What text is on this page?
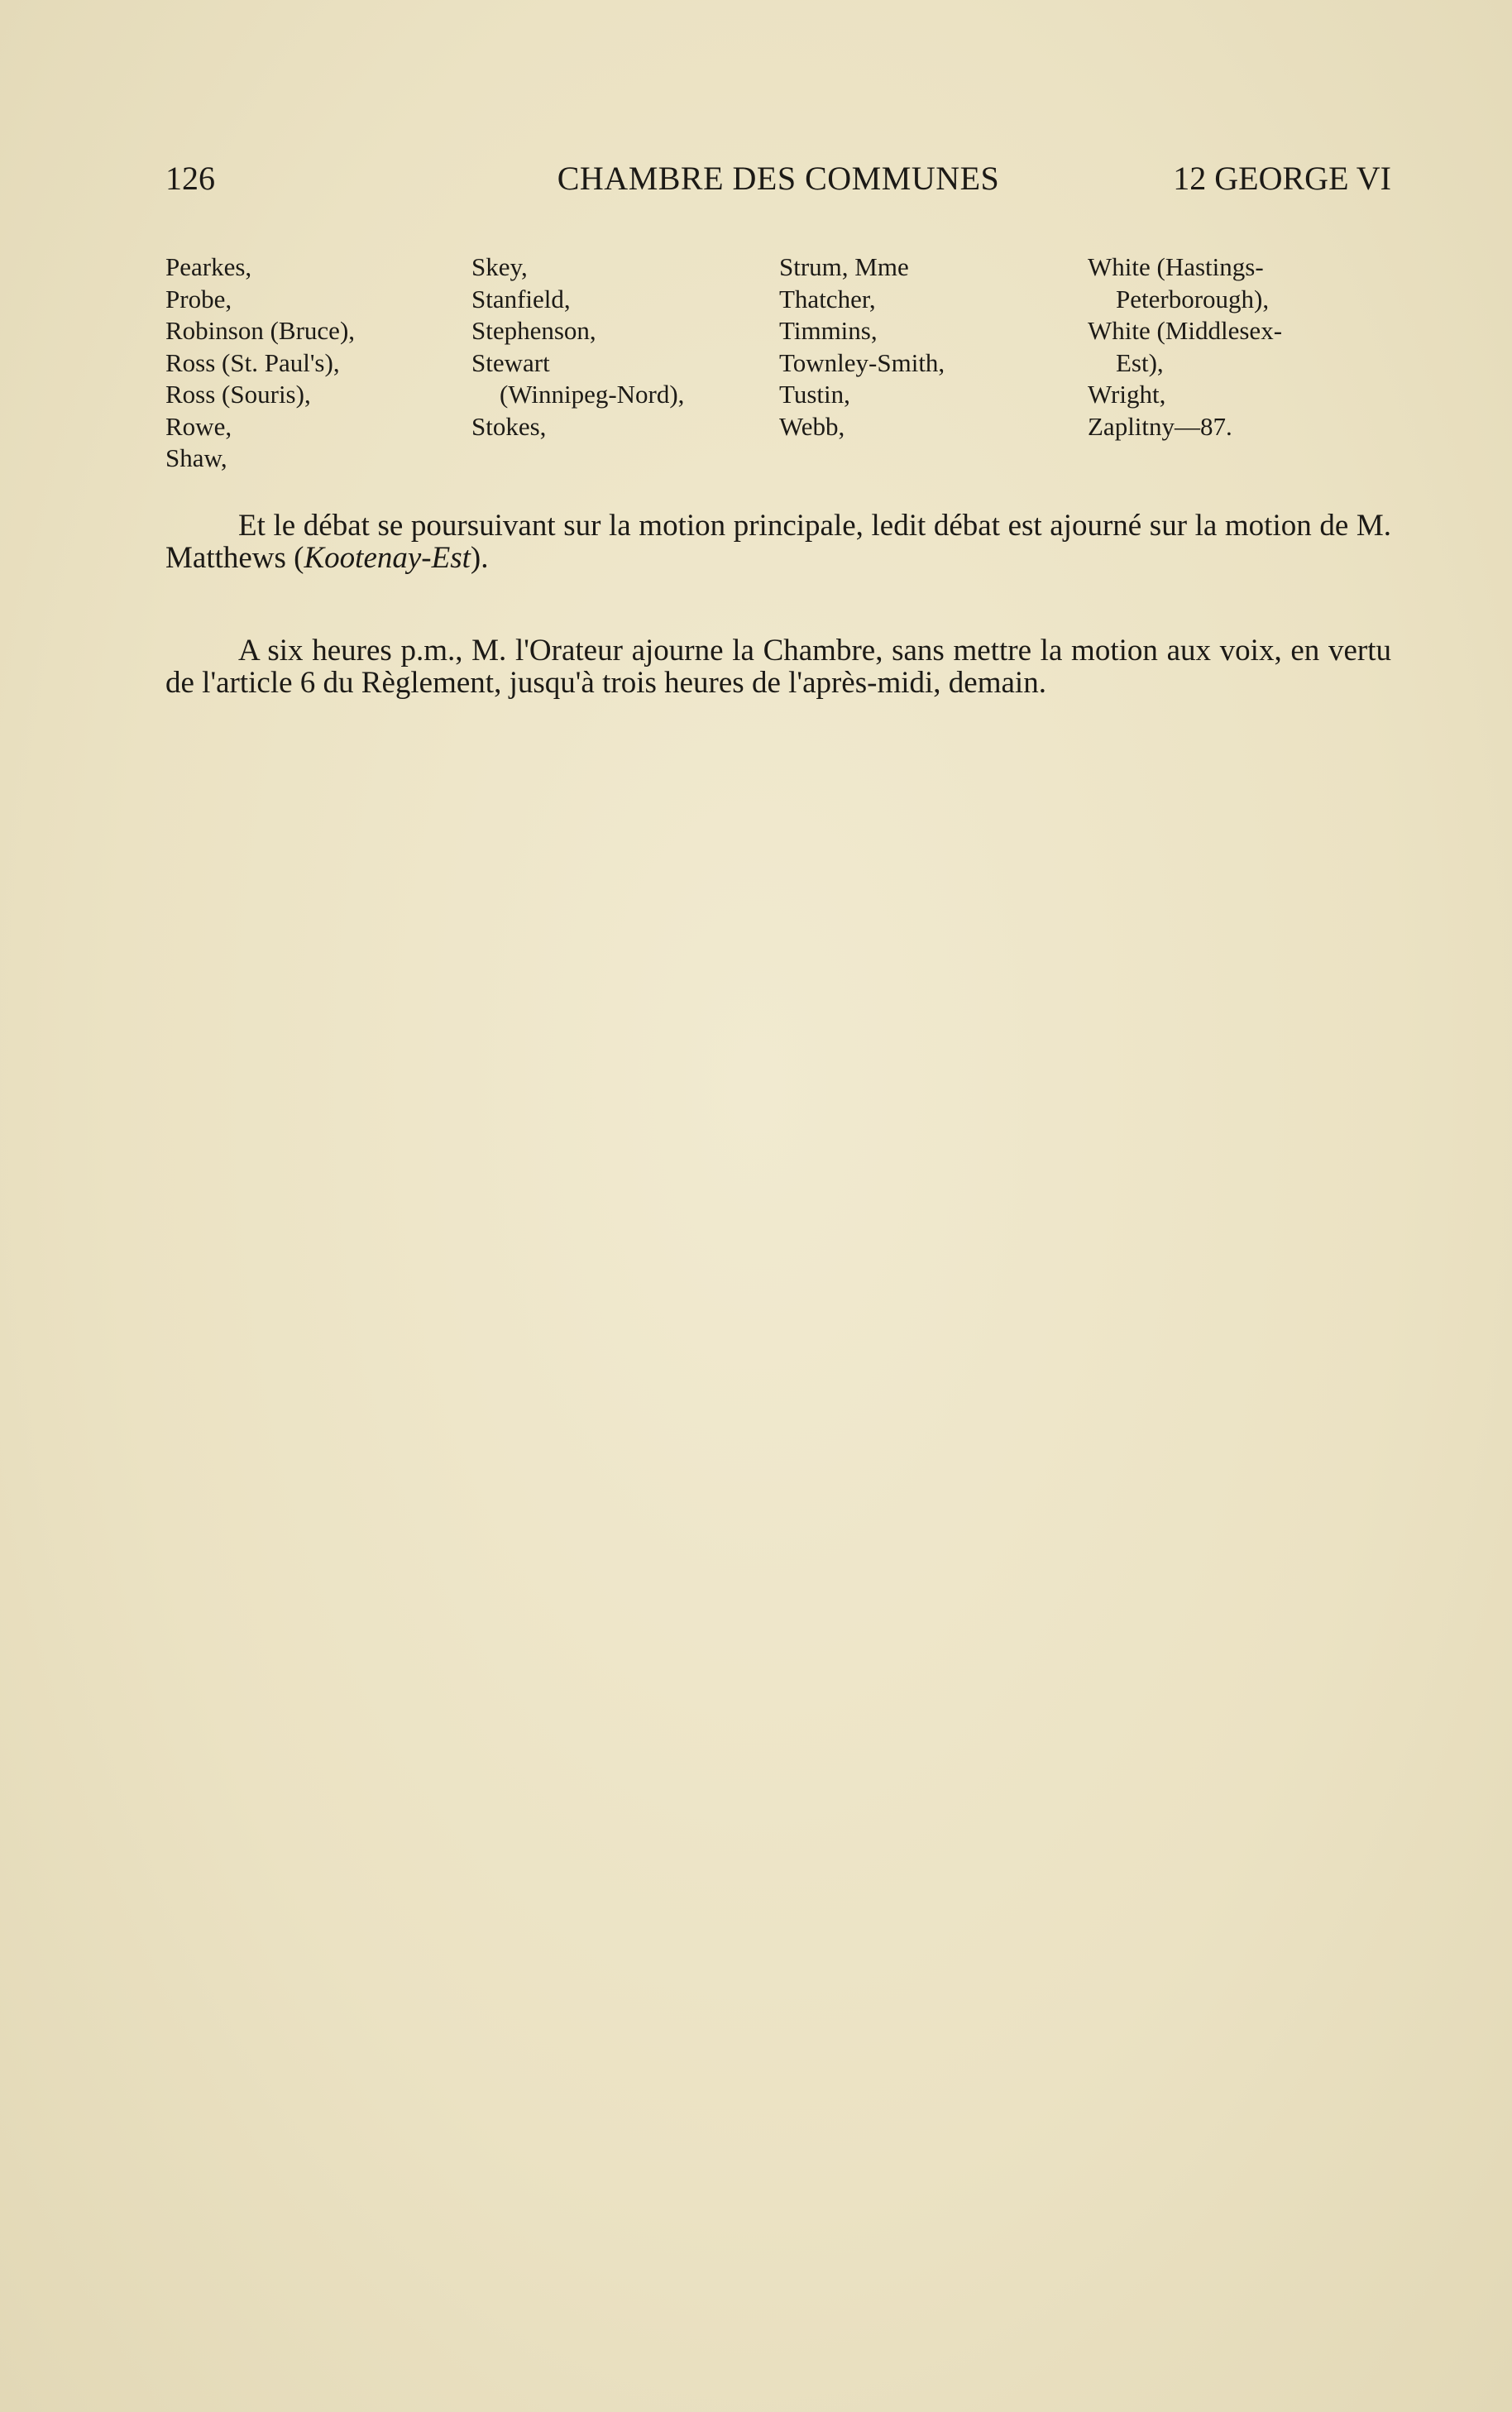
126	CHAMBRE DES COMMUNES	12 GEORGE VI
Pearkes,
Probe,
Robinson (Bruce),
Ross (St. Paul's),
Ross (Souris),
Rowe,
Shaw,
Skey,
Stanfield,
Stephenson,
Stewart
(Winnipeg-Nord),
Stokes,
Strum, Mme
Thatcher,
Timmins,
Townley-Smith,
Tustin,
Webb,
White (Hastings-
Peterborough),
White (Middlesex-
Est),
Wright,
Zaplitny—87.
Et le débat se poursuivant sur la motion principale, ledit débat est ajourné sur la motion de M. Matthews (Kootenay-Est).
A six heures p.m., M. l'Orateur ajourne la Chambre, sans mettre la motion aux voix, en vertu de l'article 6 du Règlement, jusqu'à trois heures de l'après-midi, demain.
